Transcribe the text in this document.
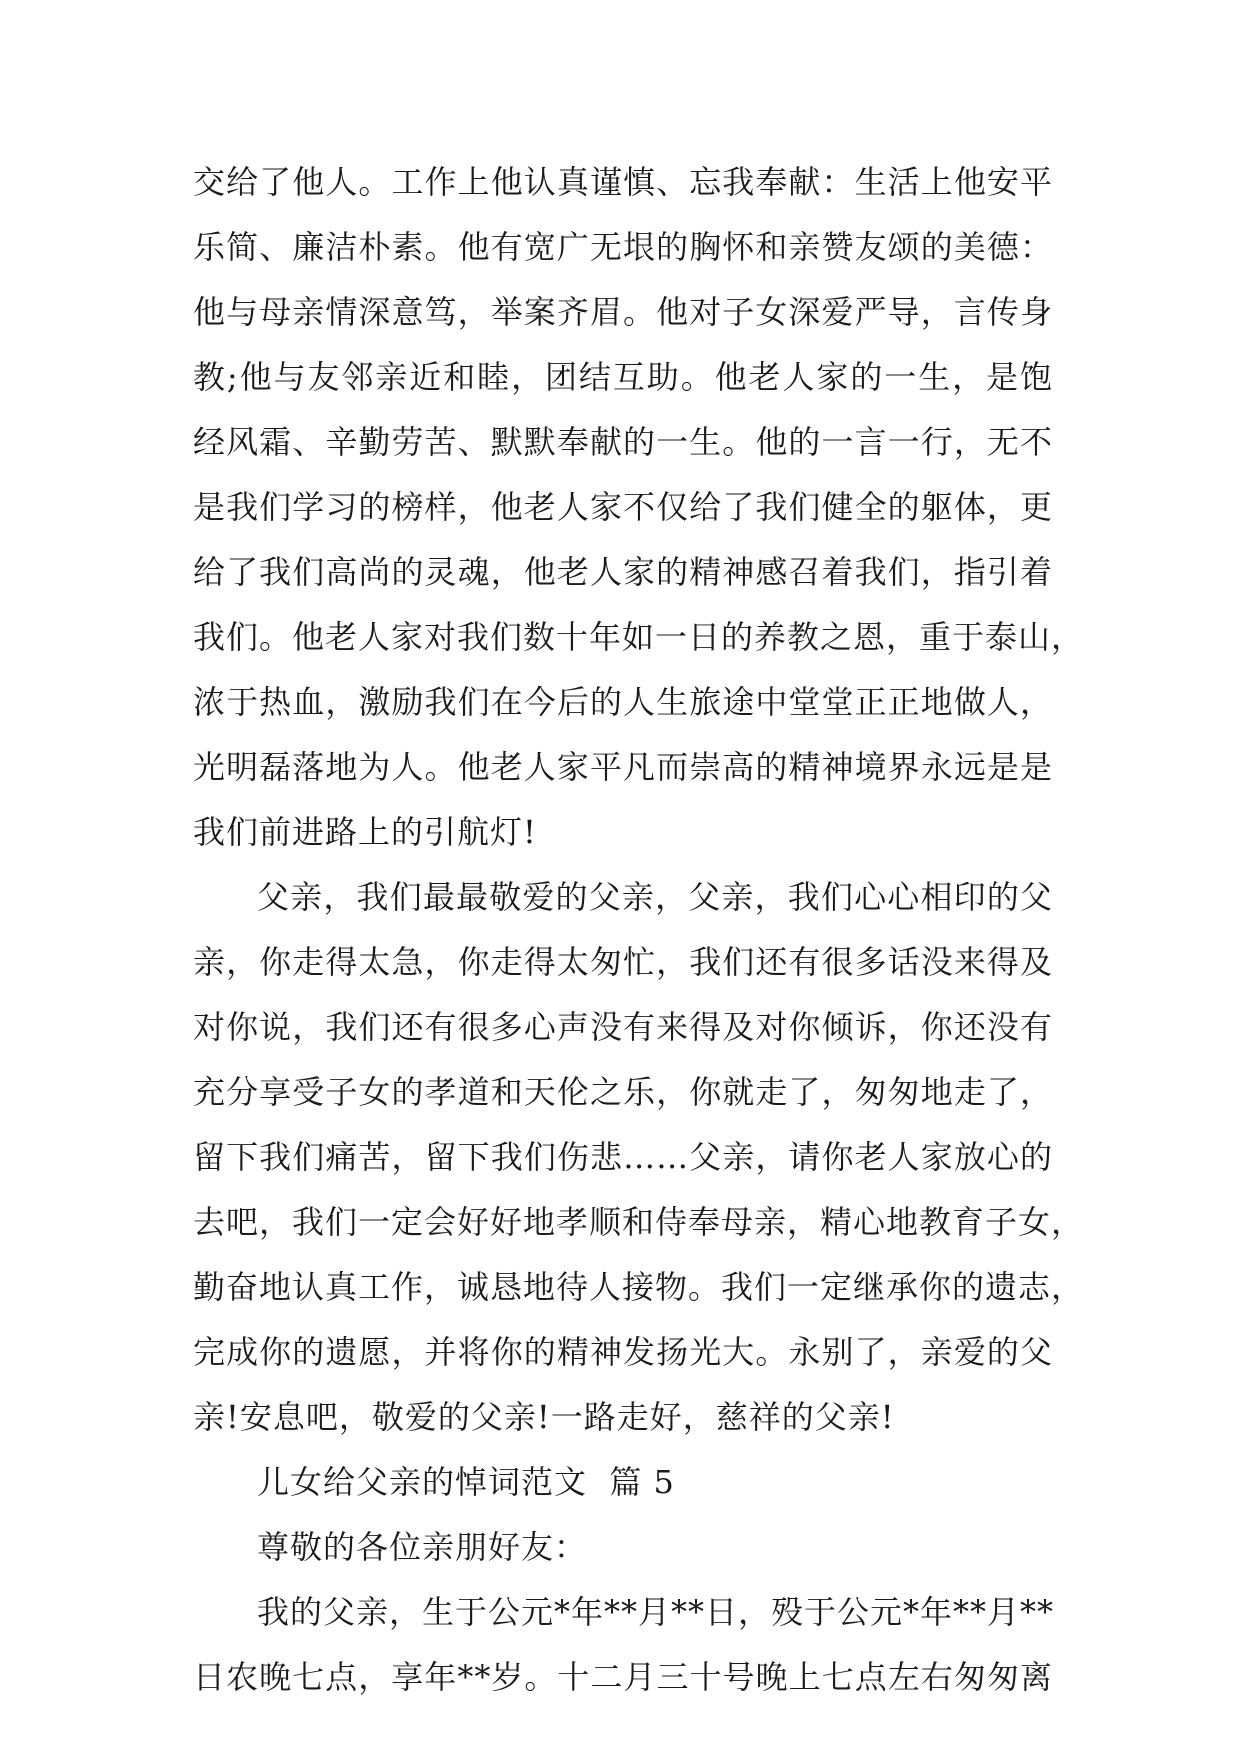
交给了他人。工作上他认真谨慎、忘我奉献：生活上他安平
乐简、廉洁朴素。他有宽广无垠的胸怀和亲赞友颂的美德：
他与母亲情深意笃，举案齐眉。他对子女深爱严导，言传身
教;他与友邻亲近和睦，团结互助。他老人家的一生，是饱
经风霜、辛勤劳苦、默默奉献的一生。他的一言一行，无不
是我们学习的榜样，他老人家不仅给了我们健全的躯体，更
给了我们高尚的灵魂，他老人家的精神感召着我们，指引着
我们。他老人家对我们数十年如一日的养教之恩，重于泰山，
浓于热血，激励我们在今后的人生旅途中堂堂正正地做人，
光明磊落地为人。他老人家平凡而崇高的精神境界永远是是
我们前进路上的引航灯!
父亲，我们最最敬爱的父亲，父亲，我们心心相印的父
亲，你走得太急，你走得太匆忙，我们还有很多话没来得及
对你说，我们还有很多心声没有来得及对你倾诉，你还没有
充分享受子女的孝道和天伦之乐，你就走了，匆匆地走了，
留下我们痛苦，留下我们伤悲……父亲，请你老人家放心的
去吧，我们一定会好好地孝顺和侍奉母亲，精心地教育子女，
勤奋地认真工作，诚恳地待人接物。我们一定继承你的遗志，
完成你的遗愿，并将你的精神发扬光大。永别了，亲爱的父
亲!安息吧，敬爱的父亲!一路走好，慈祥的父亲!
儿女给父亲的悼词范文  篇 5
尊敬的各位亲朋好友：
我的父亲，生于公元*年**月**日，殁于公元*年**月**
日农晚七点，享年**岁。十二月三十号晚上七点左右匆匆离
